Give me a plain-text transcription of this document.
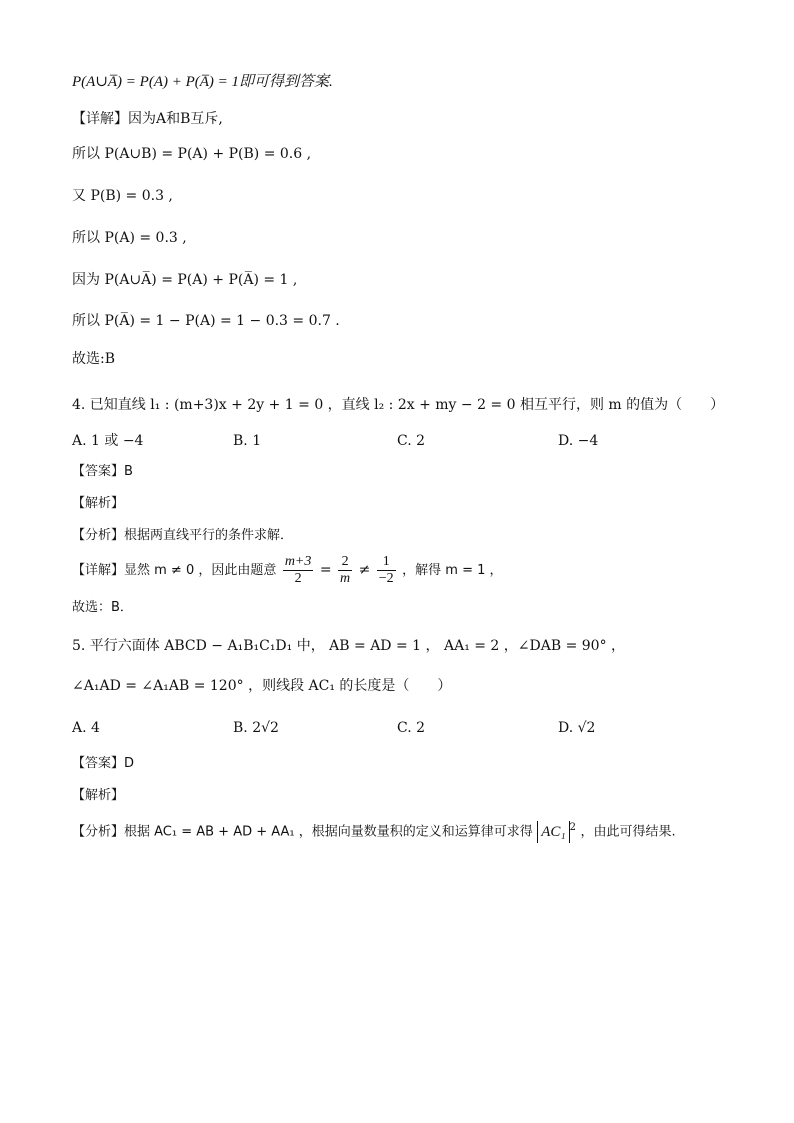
P(A∪A̅) = P(A) + P(A̅) = 1即可得到答案.
【详解】因为A和B互斥,
所以 P(A∪B) = P(A) + P(B) = 0.6 ,
又 P(B) = 0.3 ,
所以 P(A) = 0.3 ,
因为 P(A∪A̅) = P(A) + P(A̅) = 1 ,
所以 P(A̅) = 1 − P(A) = 1 − 0.3 = 0.7 .
故选:B
4. 已知直线 l₁ : (m+3)x + 2y + 1 = 0 ，直线 l₂ : 2x + my − 2 = 0 相互平行，则 m 的值为（　　）
A. 1 或 −4	B. 1	C. 2	D. −4
【答案】B
【解析】
【分析】根据两直线平行的条件求解．
【详解】显然 m ≠ 0 ，因此由题意 $\frac{m+3}{2} = \frac{2}{m} \ne \frac{1}{-2}$ ，解得 m = 1 ，
故选：B．
5. 平行六面体 ABCD − A₁B₁C₁D₁ 中， AB = AD = 1 ， AA₁ = 2 ，∠DAB = 90° ，
∠A₁AD = ∠A₁AB = 120° ，则线段 AC₁ 的长度是（　　）
A. 4	B. 2√2	C. 2	D. √2
【答案】D
【解析】
【分析】根据 AC₁ = AB + AD + AA₁ ，根据向量数量积的定义和运算律可求得 AC₁ $^2$ ，由此可得结果.
